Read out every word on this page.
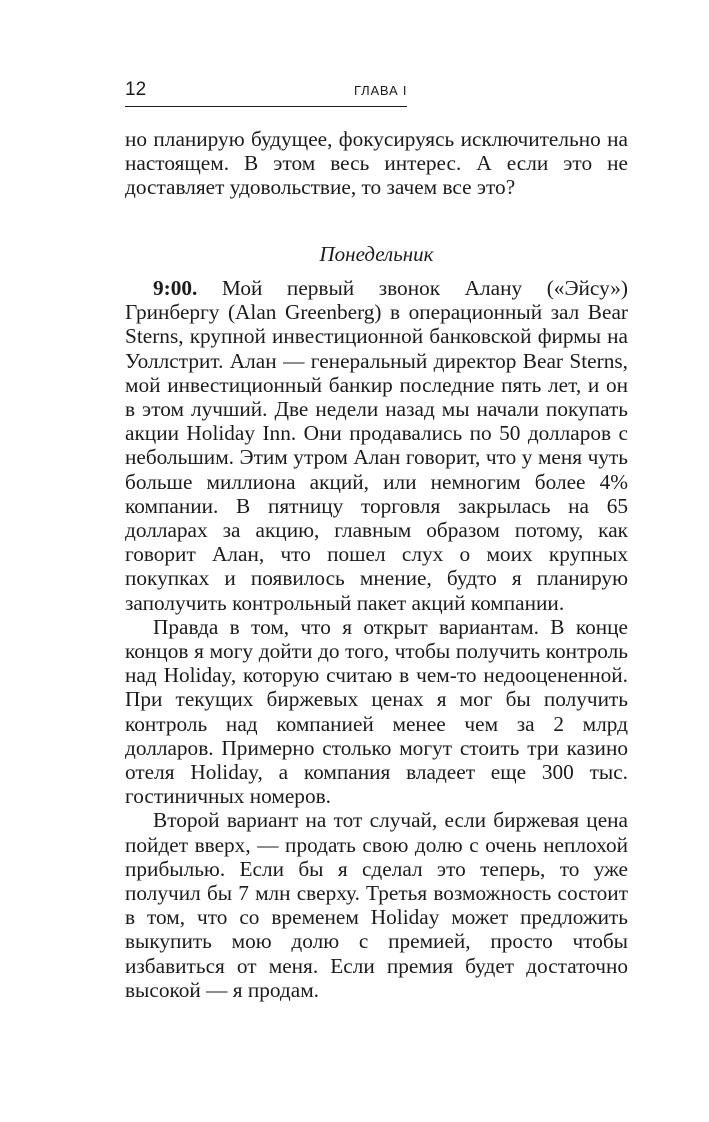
12	ГЛАВА I

но планирую будущее, фокусируясь исключительно на настоящем. В этом весь интерес. А если это не доставляет удовольствие, то зачем все это?

Понедельник

9:00. Мой первый звонок Алану («Эйсу») Гринбергу (Alan Greenberg) в операционный зал Bear Sterns, крупной инвестиционной банковской фирмы на Уоллстрит. Алан — генеральный директор Bear Sterns, мой инвестиционный банкир последние пять лет, и он в этом лучший. Две недели назад мы начали покупать акции Holiday Inn. Они продавались по 50 долларов с небольшим. Этим утром Алан говорит, что у меня чуть больше миллиона акций, или немногим более 4% компании. В пятницу торговля закрылась на 65 долларах за акцию, главным образом потому, как говорит Алан, что пошел слух о моих крупных покупках и появилось мнение, будто я планирую заполучить контрольный пакет акций компании.

Правда в том, что я открыт вариантам. В конце концов я могу дойти до того, чтобы получить контроль над Holiday, которую считаю в чем-то недооцененной. При текущих биржевых ценах я мог бы получить контроль над компанией менее чем за 2 млрд долларов. Примерно столько могут стоить три казино отеля Holiday, а компания владеет еще 300 тыс. гостиничных номеров.

Второй вариант на тот случай, если биржевая цена пойдет вверх, — продать свою долю с очень неплохой прибылью. Если бы я сделал это теперь, то уже получил бы 7 млн сверху. Третья возможность состоит в том, что со временем Holiday может предложить выкупить мою долю с премией, просто чтобы избавиться от меня. Если премия будет достаточно высокой — я продам.
